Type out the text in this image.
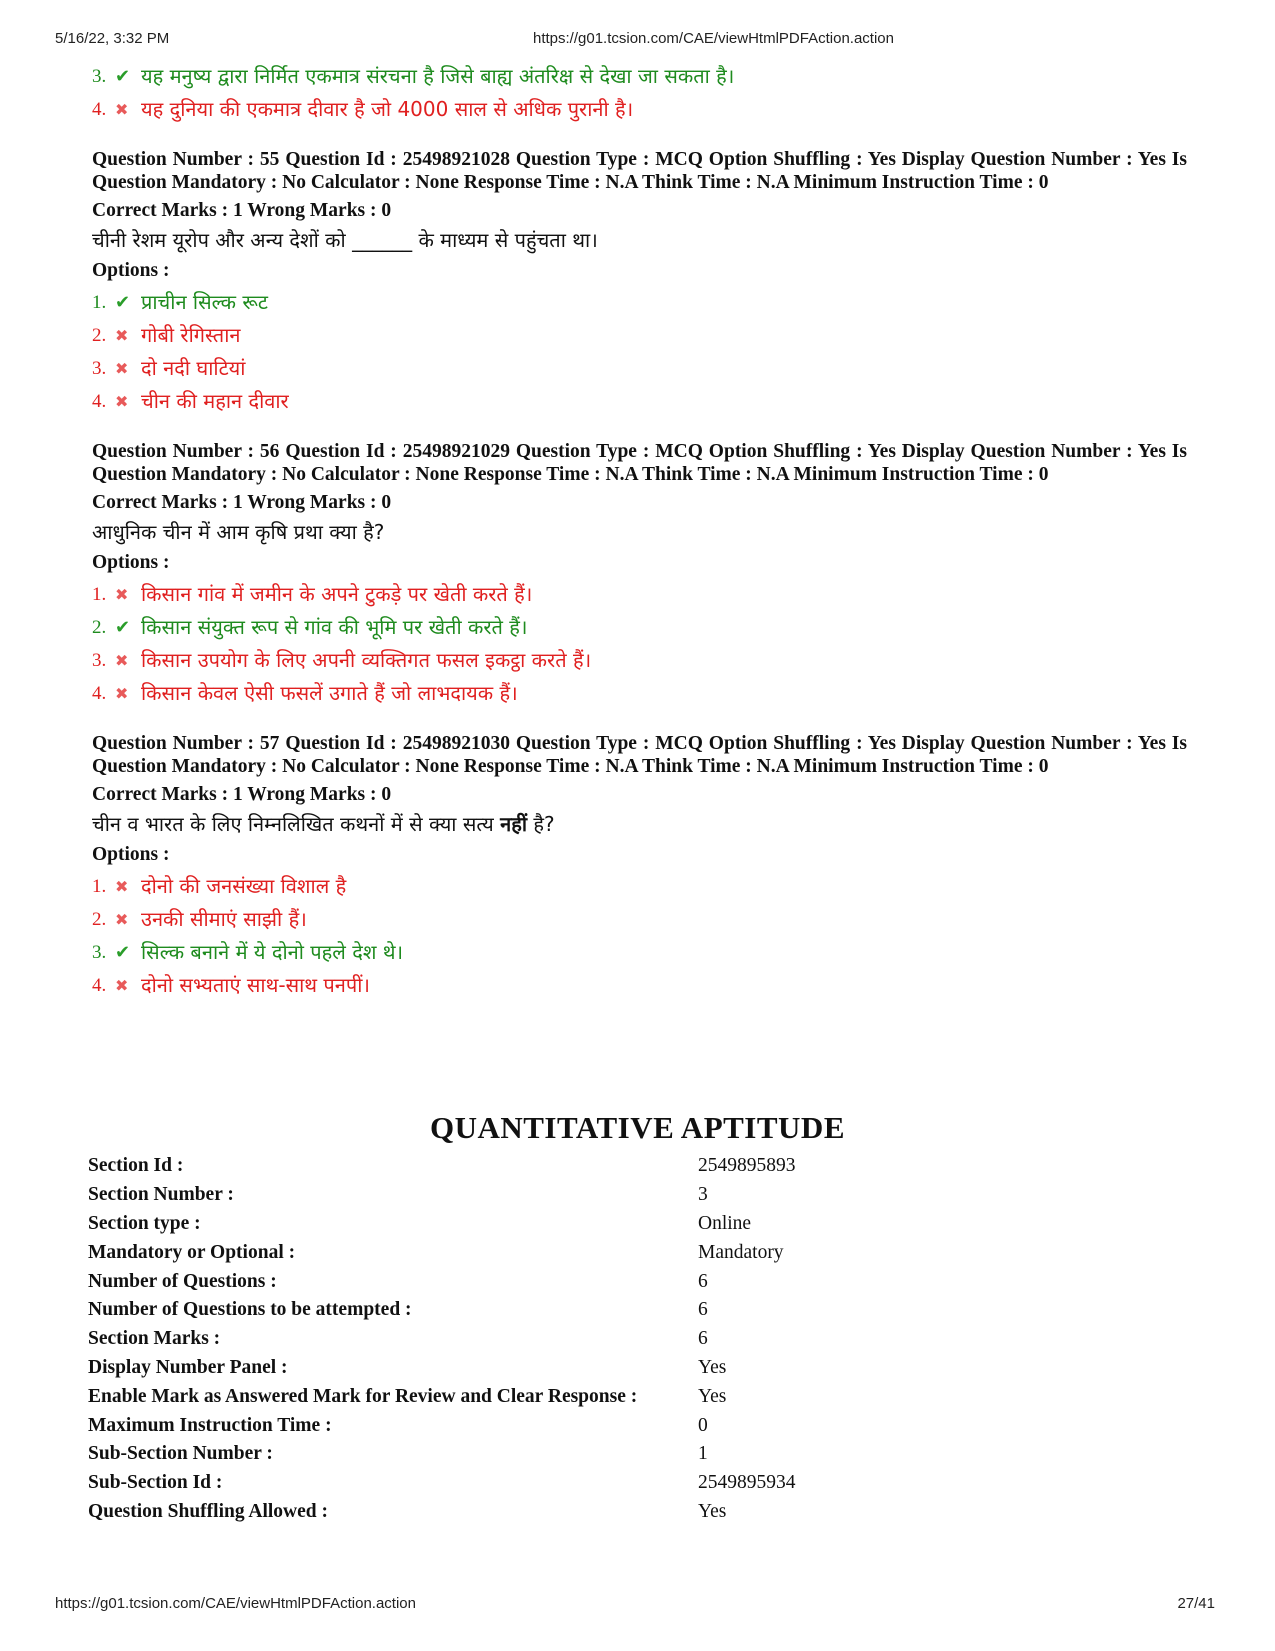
5/16/22, 3:32 PM	https://g01.tcsion.com/CAE/viewHtmlPDFAction.action
3. ✔ यह मनुष्य द्वारा निर्मित एकमात्र संरचना है जिसे बाह्य अंतरिक्ष से देखा जा सकता है।
4. ✖ यह दुनिया की एकमात्र दीवार है जो 4000 साल से अधिक पुरानी है।
Question Number : 55 Question Id : 25498921028 Question Type : MCQ Option Shuffling : Yes Display Question Number : Yes Is Question Mandatory : No Calculator : None Response Time : N.A Think Time : N.A Minimum Instruction Time : 0
Correct Marks : 1 Wrong Marks : 0
चीनी रेशम यूरोप और अन्य देशों को ______ के माध्यम से पहुंचता था।
Options :
1. ✔ प्राचीन सिल्क रूट
2. ✖ गोबी रेगिस्तान
3. ✖ दो नदी घाटियां
4. ✖ चीन की महान दीवार
Question Number : 56 Question Id : 25498921029 Question Type : MCQ Option Shuffling : Yes Display Question Number : Yes Is Question Mandatory : No Calculator : None Response Time : N.A Think Time : N.A Minimum Instruction Time : 0
Correct Marks : 1 Wrong Marks : 0
आधुनिक चीन में आम कृषि प्रथा क्या है?
Options :
1. ✖ किसान गांव में जमीन के अपने टुकड़े पर खेती करते हैं।
2. ✔ किसान संयुक्त रूप से गांव की भूमि पर खेती करते हैं।
3. ✖ किसान उपयोग के लिए अपनी व्यक्तिगत फसल इकट्ठा करते हैं।
4. ✖ किसान केवल ऐसी फसलें उगाते हैं जो लाभदायक हैं।
Question Number : 57 Question Id : 25498921030 Question Type : MCQ Option Shuffling : Yes Display Question Number : Yes Is Question Mandatory : No Calculator : None Response Time : N.A Think Time : N.A Minimum Instruction Time : 0
Correct Marks : 1 Wrong Marks : 0
चीन व भारत के लिए निम्नलिखित कथनों में से क्या सत्य नहीं है?
Options :
1. ✖ दोनो की जनसंख्या विशाल है
2. ✖ उनकी सीमाएं साझी हैं।
3. ✔ सिल्क बनाने में ये दोनो पहले देश थे।
4. ✖ दोनो सभ्यताएं साथ-साथ पनपीं।
QUANTITATIVE APTITUDE
Section Id :	2549895893
Section Number :	3
Section type :	Online
Mandatory or Optional :	Mandatory
Number of Questions :	6
Number of Questions to be attempted :	6
Section Marks :	6
Display Number Panel :	Yes
Enable Mark as Answered Mark for Review and Clear Response :	Yes
Maximum Instruction Time :	0
Sub-Section Number :	1
Sub-Section Id :	2549895934
Question Shuffling Allowed :	Yes
https://g01.tcsion.com/CAE/viewHtmlPDFAction.action	27/41
